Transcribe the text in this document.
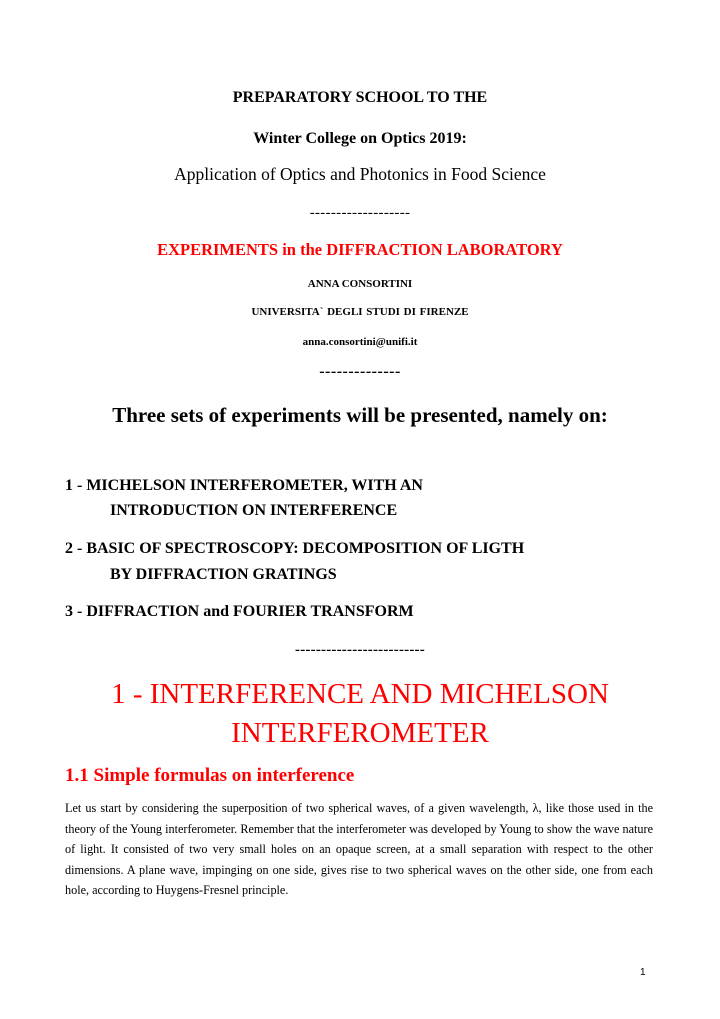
PREPARATORY SCHOOL TO THE
Winter College on Optics 2019:
Application of Optics and Photonics in Food Science
-------------------
EXPERIMENTS in the DIFFRACTION LABORATORY
ANNA CONSORTINI
UNIVERSITA` DEGLI STUDI DI FIRENZE
anna.consortini@unifi.it
--------------
Three sets of experiments will be presented, namely on:
1 - MICHELSON INTERFEROMETER, WITH AN
INTRODUCTION ON INTERFERENCE
2 - BASIC OF SPECTROSCOPY: DECOMPOSITION OF LIGTH
BY DIFFRACTION GRATINGS
3 - DIFFRACTION and FOURIER TRANSFORM
-------------------------
1 - INTERFERENCE AND MICHELSON
INTERFEROMETER
1.1 Simple formulas on interference
Let us start by considering the superposition of two spherical waves, of a given wavelength, λ, like those used in the theory of the Young interferometer. Remember that the interferometer was developed by Young to show the wave nature of light. It consisted of two very small holes on an opaque screen, at a small separation with respect to the other dimensions. A plane wave, impinging on one side, gives rise to two spherical waves on the other side, one from each hole, according to Huygens-Fresnel principle.
1
